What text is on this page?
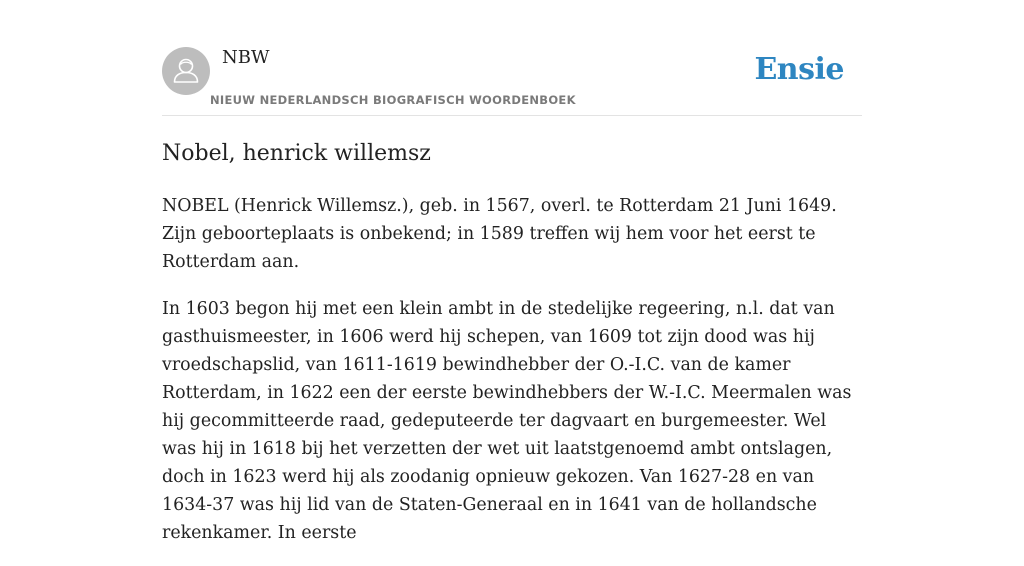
NBW
NIEUW NEDERLANDSCH BIOGRAFISCH WOORDENBOEK
Ensie
Nobel, henrick willemsz

NOBEL (Henrick Willemsz.), geb. in 1567, overl. te Rotterdam 21 Juni 1649. Zijn geboorteplaats is onbekend; in 1589 treffen wij hem voor het eerst te Rotterdam aan.

In 1603 begon hij met een klein ambt in de stedelijke regeering, n.l. dat van gasthuismeester, in 1606 werd hij schepen, van 1609 tot zijn dood was hij vroedschapslid, van 1611-1619 bewindhebber der O.-I.C. van de kamer Rotterdam, in 1622 een der eerste bewindhebbers der W.-I.C. Meermalen was hij gecommitteerde raad, gedeputeerde ter dagvaart en burgemeester. Wel was hij in 1618 bij het verzetten der wet uit laatstgenoemd ambt ontslagen, doch in 1623 werd hij als zoodanig opnieuw gekozen. Van 1627-28 en van 1634-37 was hij lid van de Staten-Generaal en in 1641 van de hollandsche rekenkamer. In eerste
